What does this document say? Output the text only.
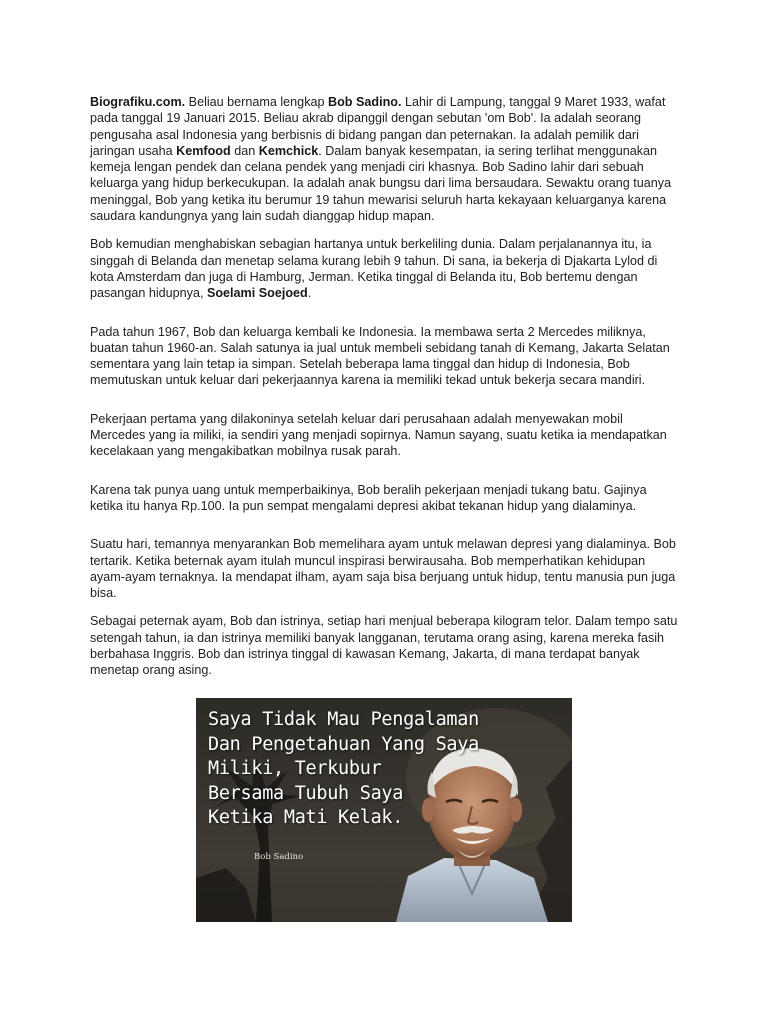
Biografiku.com. Beliau bernama lengkap Bob Sadino. Lahir di Lampung, tanggal 9 Maret 1933, wafat pada tanggal 19 Januari 2015. Beliau akrab dipanggil dengan sebutan 'om Bob'. Ia adalah seorang pengusaha asal Indonesia yang berbisnis di bidang pangan dan peternakan. Ia adalah pemilik dari jaringan usaha Kemfood dan Kemchick. Dalam banyak kesempatan, ia sering terlihat menggunakan kemeja lengan pendek dan celana pendek yang menjadi ciri khasnya. Bob Sadino lahir dari sebuah keluarga yang hidup berkecukupan. Ia adalah anak bungsu dari lima bersaudara. Sewaktu orang tuanya meninggal, Bob yang ketika itu berumur 19 tahun mewarisi seluruh harta kekayaan keluarganya karena saudara kandungnya yang lain sudah dianggap hidup mapan.

Bob kemudian menghabiskan sebagian hartanya untuk berkeliling dunia. Dalam perjalanannya itu, ia singgah di Belanda dan menetap selama kurang lebih 9 tahun. Di sana, ia bekerja di Djakarta Lylod di kota Amsterdam dan juga di Hamburg, Jerman. Ketika tinggal di Belanda itu, Bob bertemu dengan pasangan hidupnya, Soelami Soejoed.

Pada tahun 1967, Bob dan keluarga kembali ke Indonesia. Ia membawa serta 2 Mercedes miliknya, buatan tahun 1960-an. Salah satunya ia jual untuk membeli sebidang tanah di Kemang, Jakarta Selatan sementara yang lain tetap ia simpan. Setelah beberapa lama tinggal dan hidup di Indonesia, Bob memutuskan untuk keluar dari pekerjaannya karena ia memiliki tekad untuk bekerja secara mandiri.

Pekerjaan pertama yang dilakoninya setelah keluar dari perusahaan adalah menyewakan mobil Mercedes yang ia miliki, ia sendiri yang menjadi sopirnya. Namun sayang, suatu ketika ia mendapatkan kecelakaan yang mengakibatkan mobilnya rusak parah.

Karena tak punya uang untuk memperbaikinya, Bob beralih pekerjaan menjadi tukang batu. Gajinya ketika itu hanya Rp.100. Ia pun sempat mengalami depresi akibat tekanan hidup yang dialaminya.

Suatu hari, temannya menyarankan Bob memelihara ayam untuk melawan depresi yang dialaminya. Bob tertarik. Ketika beternak ayam itulah muncul inspirasi berwirausaha. Bob memperhatikan kehidupan ayam-ayam ternaknya. Ia mendapat ilham, ayam saja bisa berjuang untuk hidup, tentu manusia pun juga bisa.

Sebagai peternak ayam, Bob dan istrinya, setiap hari menjual beberapa kilogram telor. Dalam tempo satu setengah tahun, ia dan istrinya memiliki banyak langganan, terutama orang asing, karena mereka fasih berbahasa Inggris. Bob dan istrinya tinggal di kawasan Kemang, Jakarta, di mana terdapat banyak menetap orang asing.

Saya Tidak Mau Pengalaman
Dan Pengetahuan Yang Saya
Miliki, Terkubur
Bersama Tubuh Saya
Ketika Mati Kelak.
Bob Sadino
